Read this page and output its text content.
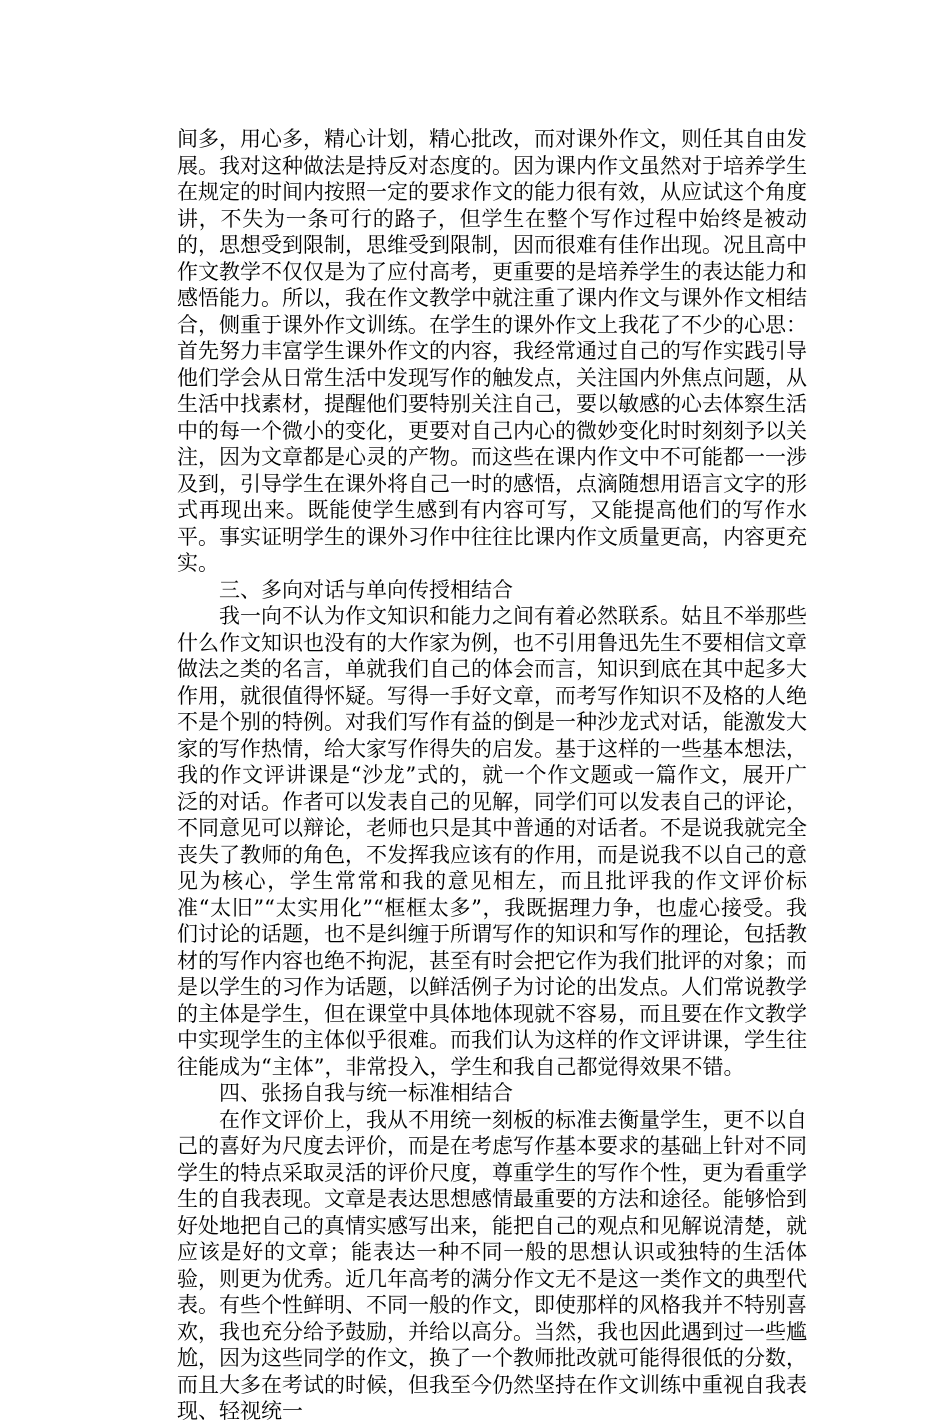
间多，用心多，精心计划，精心批改，而对课外作文，则任其自由发展。我对这种做法是持反对态度的。因为课内作文虽然对于培养学生在规定的时间内按照一定的要求作文的能力很有效，从应试这个角度讲，不失为一条可行的路子，但学生在整个写作过程中始终是被动的，思想受到限制，思维受到限制，因而很难有佳作出现。况且高中作文教学不仅仅是为了应付高考，更重要的是培养学生的表达能力和感悟能力。所以，我在作文教学中就注重了课内作文与课外作文相结合，侧重于课外作文训练。在学生的课外作文上我花了不少的心思：首先努力丰富学生课外作文的内容，我经常通过自己的写作实践引导他们学会从日常生活中发现写作的触发点，关注国内外焦点问题，从生活中找素材，提醒他们要特别关注自己，要以敏感的心去体察生活中的每一个微小的变化，更要对自己内心的微妙变化时时刻刻予以关注，因为文章都是心灵的产物。而这些在课内作文中不可能都一一涉及到，引导学生在课外将自己一时的感悟，点滴随想用语言文字的形式再现出来。既能使学生感到有内容可写，又能提高他们的写作水平。事实证明学生的课外习作中往往比课内作文质量更高，内容更充实。

三、多向对话与单向传授相结合

我一向不认为作文知识和能力之间有着必然联系。姑且不举那些什么作文知识也没有的大作家为例，也不引用鲁迅先生不要相信文章做法之类的名言，单就我们自己的体会而言，知识到底在其中起多大作用，就很值得怀疑。写得一手好文章，而考写作知识不及格的人绝不是个别的特例。对我们写作有益的倒是一种沙龙式对话，能激发大家的写作热情，给大家写作得失的启发。基于这样的一些基本想法，我的作文评讲课是“沙龙”式的，就一个作文题或一篇作文，展开广泛的对话。作者可以发表自己的见解，同学们可以发表自己的评论，不同意见可以辩论，老师也只是其中普通的对话者。不是说我就完全丧失了教师的角色，不发挥我应该有的作用，而是说我不以自己的意见为核心，学生常常和我的意见相左，而且批评我的作文评价标准“太旧”“太实用化”“框框太多”，我既据理力争，也虚心接受。我们讨论的话题，也不是纠缠于所谓写作的知识和写作的理论，包括教材的写作内容也绝不拘泥，甚至有时会把它作为我们批评的对象；而是以学生的习作为话题，以鲜活例子为讨论的出发点。人们常说教学的主体是学生，但在课堂中具体地体现就不容易，而且要在作文教学中实现学生的主体似乎很难。而我们认为这样的作文评讲课，学生往往能成为“主体”，非常投入，学生和我自己都觉得效果不错。

四、张扬自我与统一标准相结合

在作文评价上，我从不用统一刻板的标准去衡量学生，更不以自己的喜好为尺度去评价，而是在考虑写作基本要求的基础上针对不同学生的特点采取灵活的评价尺度，尊重学生的写作个性，更为看重学生的自我表现。文章是表达思想感情最重要的方法和途径。能够恰到好处地把自己的真情实感写出来，能把自己的观点和见解说清楚，就应该是好的文章；能表达一种不同一般的思想认识或独特的生活体验，则更为优秀。近几年高考的满分作文无不是这一类作文的典型代表。有些个性鲜明、不同一般的作文，即使那样的风格我并不特别喜欢，我也充分给予鼓励，并给以高分。当然，我也因此遇到过一些尴尬，因为这些同学的作文，换了一个教师批改就可能得很低的分数，而且大多在考试的时候，但我至今仍然坚持在作文训练中重视自我表现、轻视统一
